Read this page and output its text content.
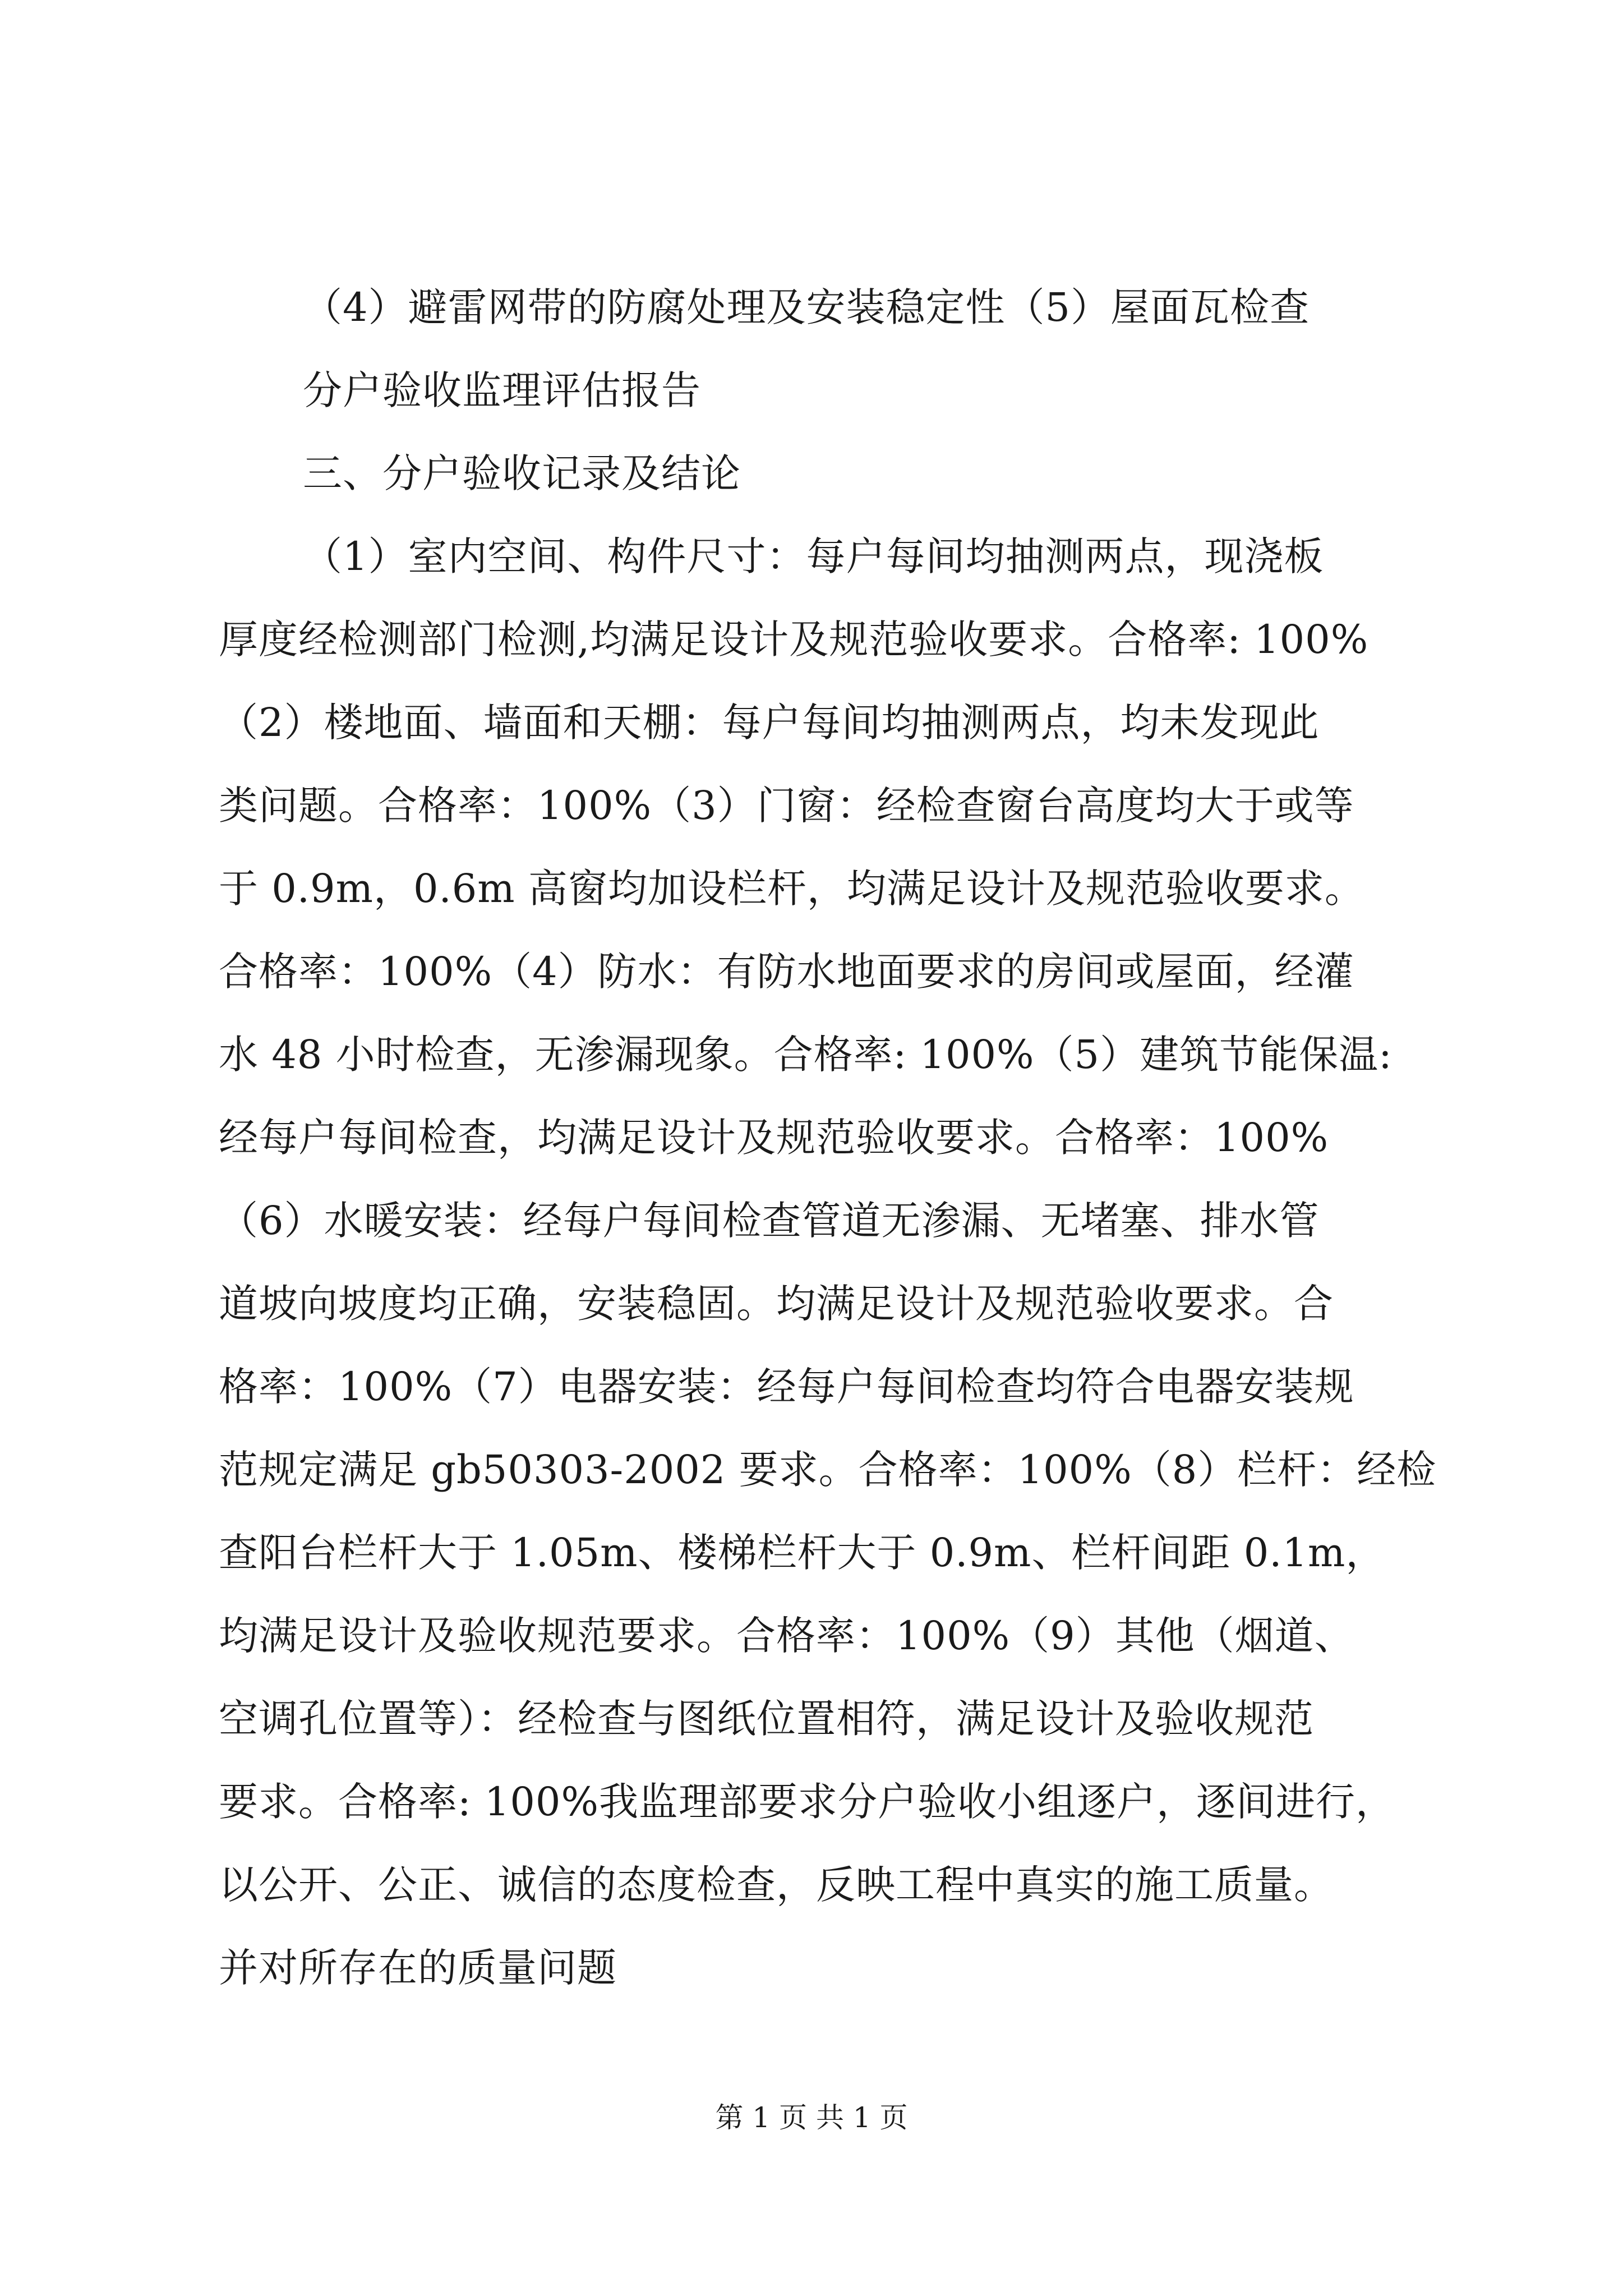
（4）避雷网带的防腐处理及安装稳定性（5）屋面瓦检查
分户验收监理评估报告
三、分户验收记录及结论
（1）室内空间、构件尺寸：每户每间均抽测两点，现浇板
厚度经检测部门检测,均满足设计及规范验收要求。合格率: 100%
（2）楼地面、墙面和天棚：每户每间均抽测两点，均未发现此
类问题。合格率：100%（3）门窗：经检查窗台高度均大于或等
于 0.9m，0.6m 高窗均加设栏杆，均满足设计及规范验收要求。
合格率：100%（4）防水：有防水地面要求的房间或屋面，经灌
水 48 小时检查，无渗漏现象。合格率: 100%（5）建筑节能保温:
经每户每间检查，均满足设计及规范验收要求。合格率：100%
（6）水暖安装：经每户每间检查管道无渗漏、无堵塞、排水管
道坡向坡度均正确，安装稳固。均满足设计及规范验收要求。合
格率：100%（7）电器安装：经每户每间检查均符合电器安装规
范规定满足 gb50303-2002 要求。合格率：100%（8）栏杆：经检
查阳台栏杆大于 1.05m、楼梯栏杆大于 0.9m、栏杆间距 0.1m，
均满足设计及验收规范要求。合格率：100%（9）其他（烟道、
空调孔位置等）：经检查与图纸位置相符，满足设计及验收规范
要求。合格率: 100%我监理部要求分户验收小组逐户，逐间进行，
以公开、公正、诚信的态度检查，反映工程中真实的施工质量。
并对所存在的质量问题
第 1 页 共 1 页
